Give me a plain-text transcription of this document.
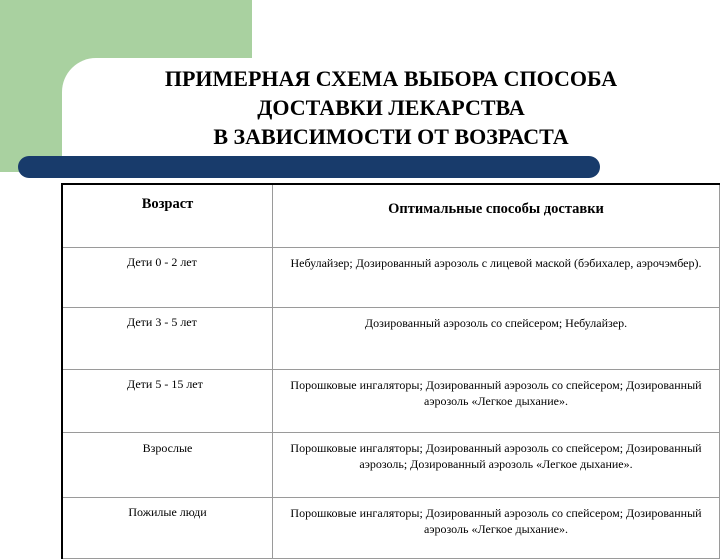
ПРИМЕРНАЯ СХЕМА ВЫБОРА СПОСОБА
ДОСТАВКИ ЛЕКАРСТВА
В ЗАВИСИМОСТИ ОТ ВОЗРАСТА
Возраст	Оптимальные способы доставки
Дети 0 - 2 лет	Небулайзер; Дозированный аэрозоль с лицевой маской (бэбихалер, аэрочэмбер).
Дети 3 - 5 лет	Дозированный аэрозоль со спейсером; Небулайзер.
Дети 5 - 15 лет	Порошковые ингаляторы; Дозированный аэрозоль со спейсером; Дозированный аэрозоль «Легкое дыхание».
Взрослые	Порошковые ингаляторы; Дозированный аэрозоль со спейсером; Дозированный аэрозоль; Дозированный аэрозоль «Легкое дыхание».
Пожилые люди	Порошковые ингаляторы; Дозированный аэрозоль со спейсером; Дозированный аэрозоль «Легкое дыхание».
